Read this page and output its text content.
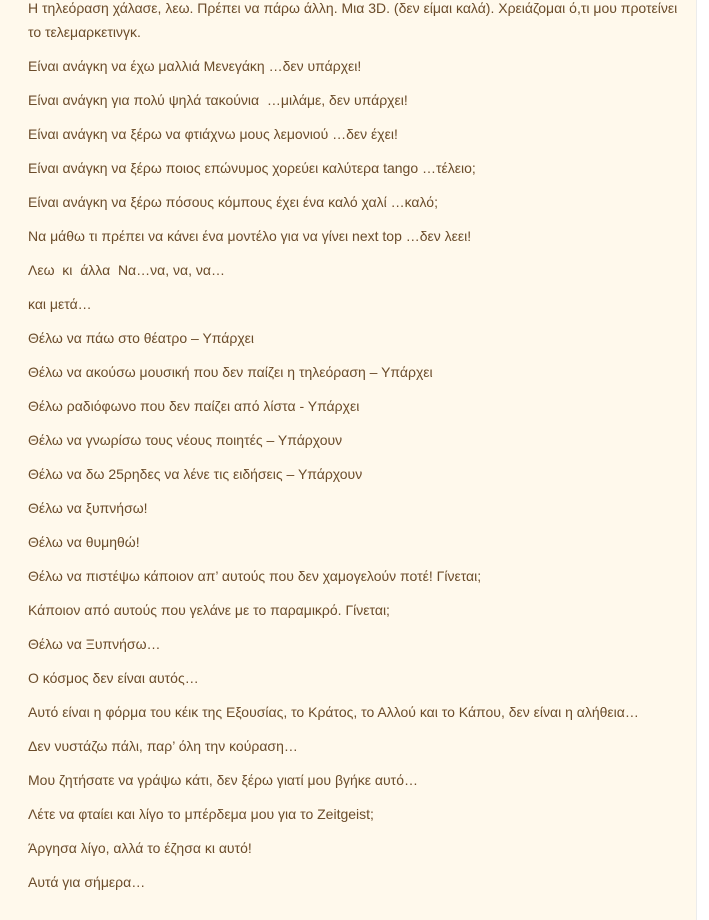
Η τηλεόραση χάλασε, λεω. Πρέπει να πάρω άλλη. Μια 3D. (δεν είμαι καλά). Χρειάζομαι ό,τι μου προτείνει το τελεμαρκετινγκ.

Είναι ανάγκη να έχω μαλλιά Μενεγάκη …δεν υπάρχει!

Είναι ανάγκη για πολύ ψηλά τακούνια  …μιλάμε, δεν υπάρχει!

Είναι ανάγκη να ξέρω να φτιάχνω μους λεμονιού …δεν έχει!

Είναι ανάγκη να ξέρω ποιος επώνυμος χορεύει καλύτερα tango …τέλειο;

Είναι ανάγκη να ξέρω πόσους κόμπους έχει ένα καλό χαλί …καλό;

Να μάθω τι πρέπει να κάνει ένα μοντέλο για να γίνει next top …δεν λεει!

Λεω  κι  άλλα  Να…να, να, να…

και μετά…

Θέλω να πάω στο θέατρο – Υπάρχει

Θέλω να ακούσω μουσική που δεν παίζει η τηλεόραση – Υπάρχει

Θέλω ραδιόφωνο που δεν παίζει από λίστα - Υπάρχει

Θέλω να γνωρίσω τους νέους ποιητές – Υπάρχουν

Θέλω να δω 25ρηδες να λένε τις ειδήσεις – Υπάρχουν

Θέλω να ξυπνήσω!

Θέλω να θυμηθώ!

Θέλω να πιστέψω κάποιον απ’ αυτούς που δεν χαμογελούν ποτέ! Γίνεται;

Κάποιον από αυτούς που γελάνε με το παραμικρό. Γίνεται;

Θέλω να Ξυπνήσω…

Ο κόσμος δεν είναι αυτός…

Αυτό είναι η φόρμα του κέικ της Εξουσίας, το Κράτος, το Αλλού και το Κάπου, δεν είναι η αλήθεια…

Δεν νυστάζω πάλι, παρ’ όλη την κούραση…

Μου ζητήσατε να γράψω κάτι, δεν ξέρω γιατί μου βγήκε αυτό…

Λέτε να φταίει και λίγο το μπέρδεμα μου για το Zeitgeist;

Άργησα λίγο, αλλά το έζησα κι αυτό!

Αυτά για σήμερα…
